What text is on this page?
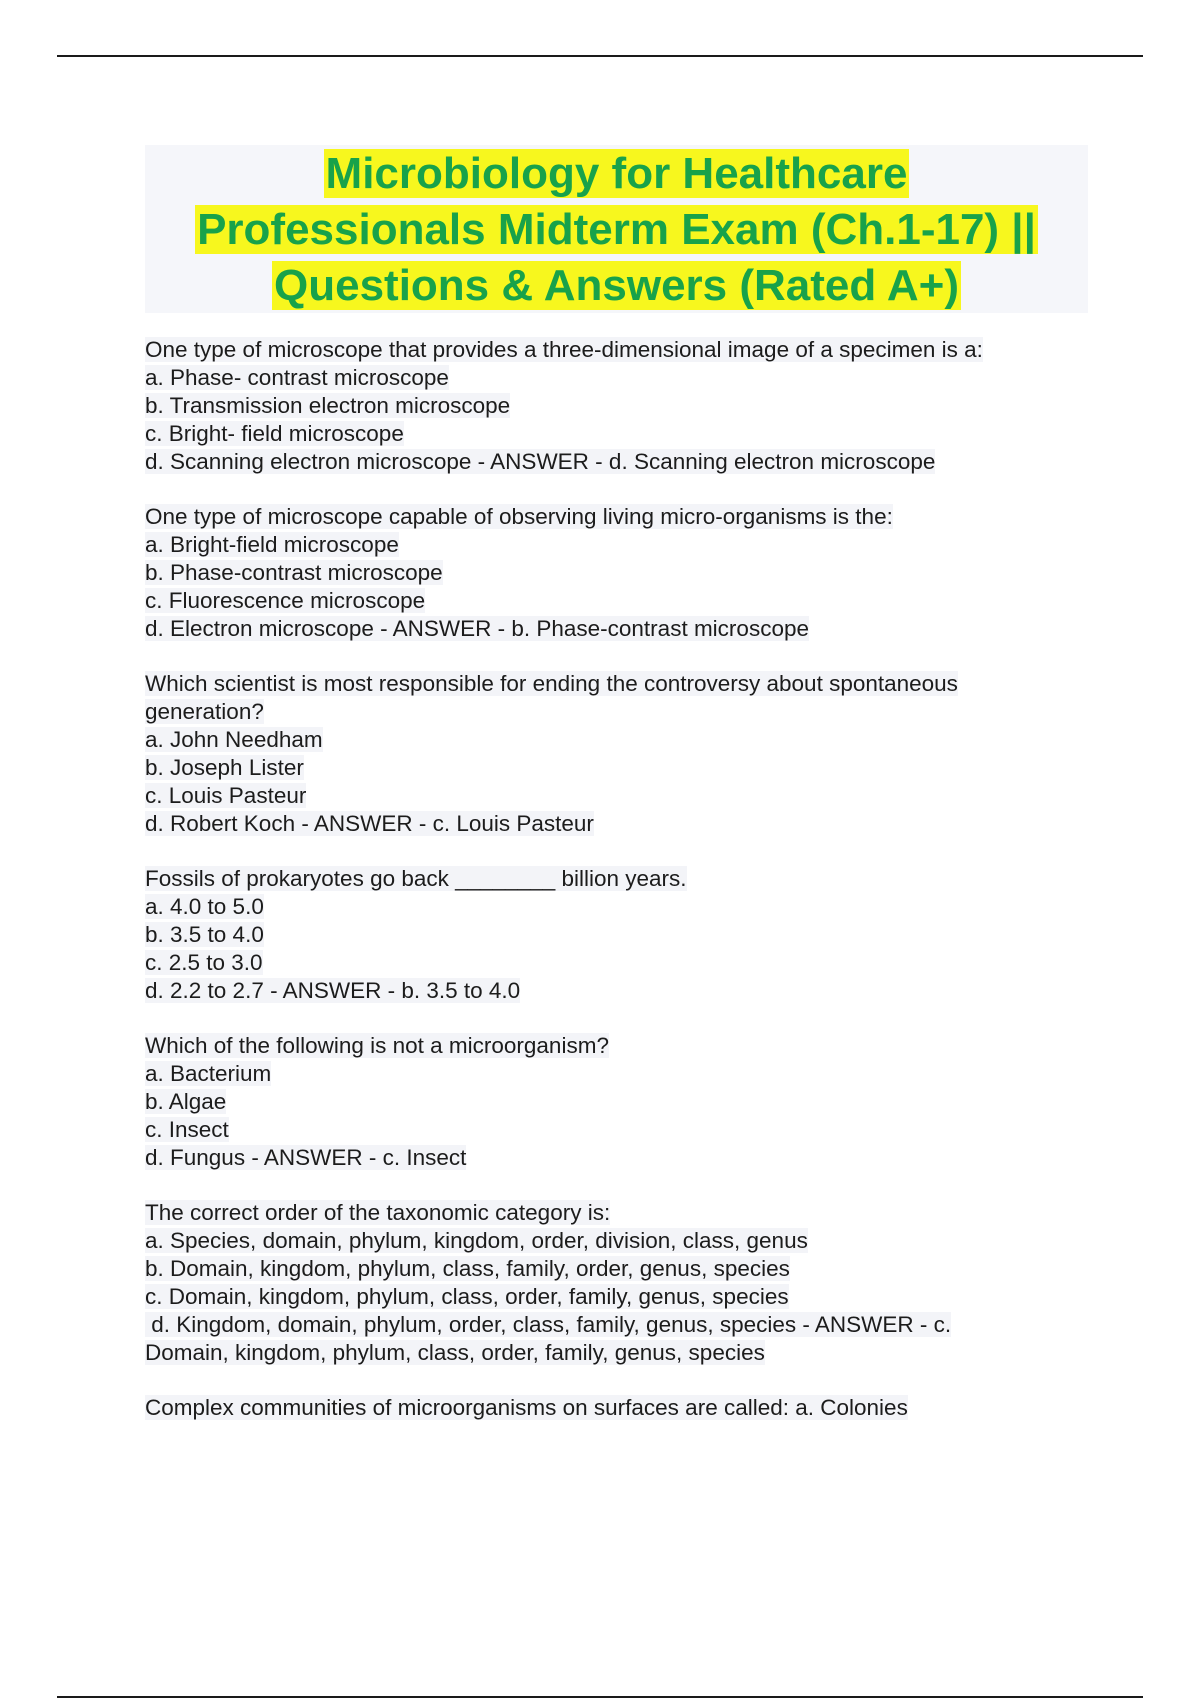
Microbiology for Healthcare
Professionals Midterm Exam (Ch.1-17) ||
Questions & Answers (Rated A+)

One type of microscope that provides a three-dimensional image of a specimen is a:
a. Phase- contrast microscope
b. Transmission electron microscope
c. Bright- field microscope
d. Scanning electron microscope - ANSWER - d. Scanning electron microscope
One type of microscope capable of observing living micro-organisms is the:
a. Bright-field microscope
b. Phase-contrast microscope
c. Fluorescence microscope
d. Electron microscope - ANSWER - b. Phase-contrast microscope
Which scientist is most responsible for ending the controversy about spontaneous
generation?
a. John Needham
b. Joseph Lister
c. Louis Pasteur
d. Robert Koch - ANSWER - c. Louis Pasteur
Fossils of prokaryotes go back ________ billion years.
a. 4.0 to 5.0
b. 3.5 to 4.0
c. 2.5 to 3.0
d. 2.2 to 2.7 - ANSWER - b. 3.5 to 4.0
Which of the following is not a microorganism?
a. Bacterium
b. Algae
c. Insect
d. Fungus - ANSWER - c. Insect
The correct order of the taxonomic category is:
a. Species, domain, phylum, kingdom, order, division, class, genus
b. Domain, kingdom, phylum, class, family, order, genus, species
c. Domain, kingdom, phylum, class, order, family, genus, species
d. Kingdom, domain, phylum, order, class, family, genus, species - ANSWER - c.
Domain, kingdom, phylum, class, order, family, genus, species
Complex communities of microorganisms on surfaces are called: a. Colonies
